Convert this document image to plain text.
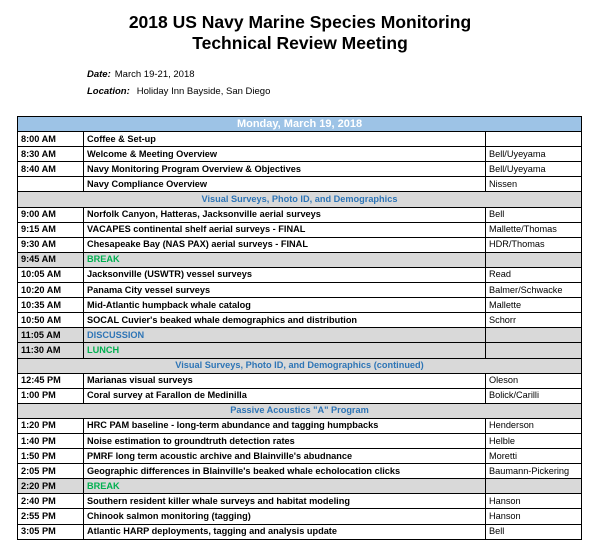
2018 US Navy Marine Species Monitoring
Technical Review Meeting
Date: March 19-21, 2018
Location: Holiday Inn Bayside, San Diego
Monday, March 19, 2018		
8:00 AM	Coffee & Set-up	
8:30 AM	Welcome & Meeting Overview	Bell/Uyeyama
8:40 AM	Navy Monitoring Program Overview & Objectives	Bell/Uyeyama
	Navy Compliance Overview	Nissen
Visual Surveys, Photo ID, and Demographics		
9:00 AM	Norfolk Canyon, Hatteras, Jacksonville aerial surveys	Bell
9:15 AM	VACAPES continental shelf aerial surveys - FINAL	Mallette/Thomas
9:30 AM	Chesapeake Bay (NAS PAX) aerial surveys - FINAL	HDR/Thomas
9:45 AM	BREAK	
10:05 AM	Jacksonville (USWTR) vessel surveys	Read
10:20 AM	Panama City vessel surveys	Balmer/Schwacke
10:35 AM	Mid-Atlantic humpback whale catalog	Mallette
10:50 AM	SOCAL Cuvier's beaked whale demographics and distribution	Schorr
11:05 AM	DISCUSSION	
11:30 AM	LUNCH	
Visual Surveys, Photo ID, and Demographics (continued)		
12:45 PM	Marianas visual surveys	Oleson
1:00 PM	Coral survey at Farallon de Medinilla	Bolick/Carilli
Passive Acoustics "A" Program		
1:20 PM	HRC PAM baseline - long-term abundance and tagging humpbacks	Henderson
1:40 PM	Noise estimation to groundtruth detection rates	Helble
1:50 PM	PMRF long term acoustic archive and Blainville's abudnance	Moretti
2:05 PM	Geographic differences in Blainville's beaked whale echolocation clicks	Baumann-Pickering
2:20 PM	BREAK	
2:40 PM	Southern resident killer whale surveys and habitat modeling	Hanson
2:55 PM	Chinook salmon monitoring (tagging)	Hanson
3:05 PM	Atlantic HARP deployments, tagging and analysis update	Bell
